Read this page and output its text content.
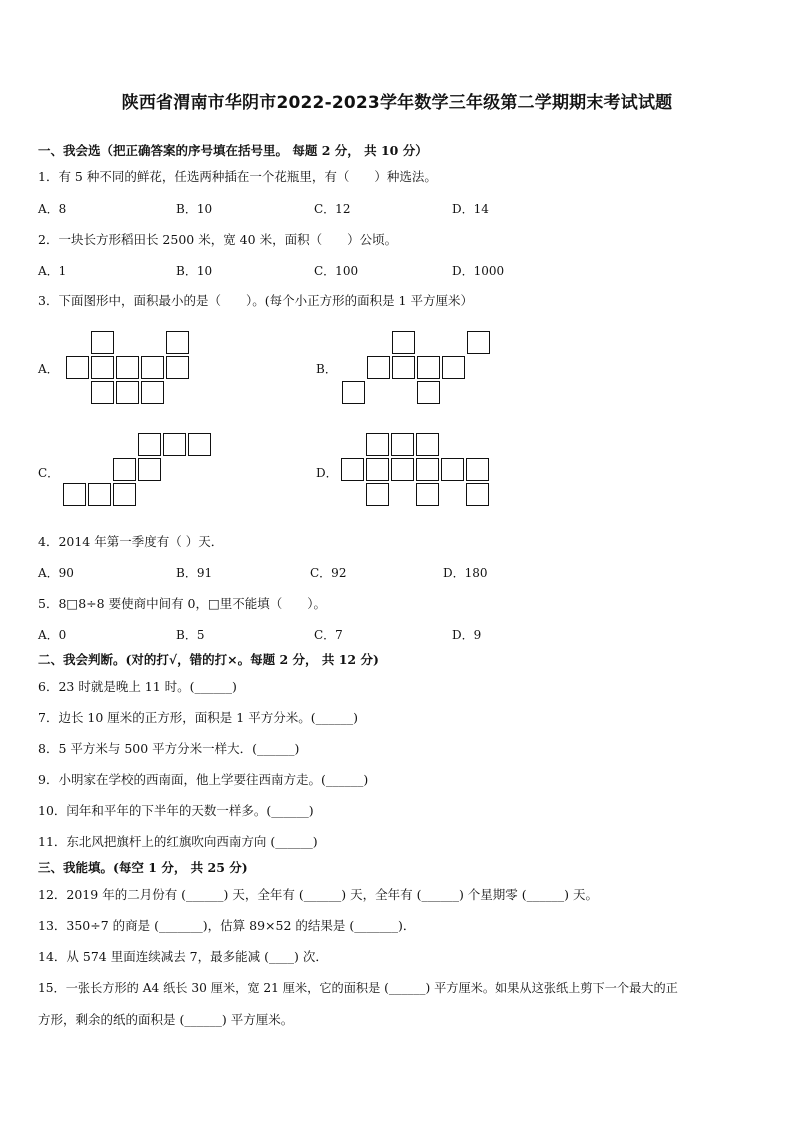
陕西省渭南市华阴市2022-2023学年数学三年级第二学期期末考试试题
一、我会选（把正确答案的序号填在括号里。 每题 2 分， 共 10 分）
1．有 5 种不同的鲜花，任选两种插在一个花瓶里，有（　　）种选法。
A．8	B．10	C．12	D．14
2．一块长方形稻田长 2500 米，宽 40 米，面积（　　）公顷。
A．1	B．10	C．100	D．1000
3．下面图形中，面积最小的是（　　）。(每个小正方形的面积是 1 平方厘米）
A．	B．
C．	D．
4．2014 年第一季度有（ ）天．
A．90	B．91	C．92	D．180
5．8□8÷8 要使商中间有 0，□里不能填（　　）。
A．0	B．5	C．7	D．9
二、我会判断。(对的打√，错的打×。每题 2 分， 共 12 分)
6．23 时就是晚上 11 时。(______)
7．边长 10 厘米的正方形，面积是 1 平方分米。(______)
8．5 平方米与 500 平方分米一样大．(______)
9．小明家在学校的西南面，他上学要往西南方走。(______)
10．闰年和平年的下半年的天数一样多。(______)
11．东北风把旗杆上的红旗吹向西南方向 (______)
三、我能填。(每空 1 分， 共 25 分)
12．2019 年的二月份有 (______) 天，全年有 (______) 天，全年有 (______) 个星期零 (______) 天。
13．350÷7 的商是 (_______)，估算 89×52 的结果是 (_______)．
14．从 574 里面连续减去 7，最多能减 (____) 次．
15．一张长方形的 A4 纸长 30 厘米，宽 21 厘米，它的面积是 (______) 平方厘米。如果从这张纸上剪下一个最大的正
方形，剩余的纸的面积是 (______) 平方厘米。
